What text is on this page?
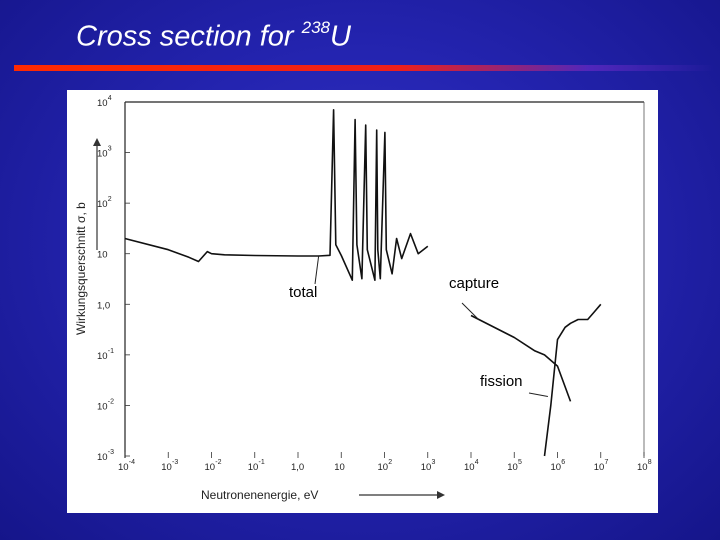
Cross section for $^{238}$U
10 -4	10 -3	10 -2	10 -1	1,0	10	10 2	10 3	10 4	10 5	10 6	10 7	10 8
10 -3
10 -2
10 -1
1,0
10
10 2
10 3
10 4
total
capture
fission
Neutronenenergie, eV
Wirkungsquerschnitt σ, b
